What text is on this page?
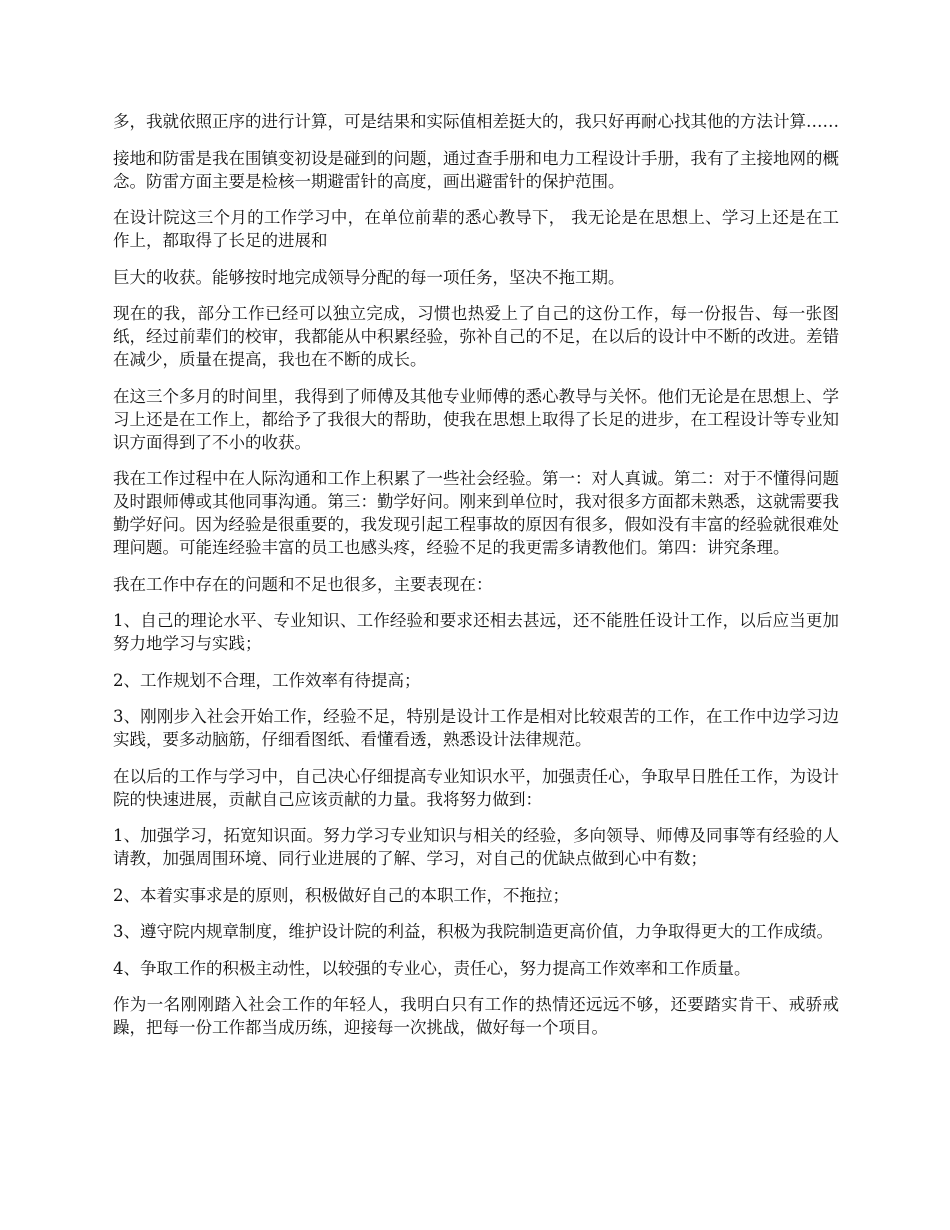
多，我就依照正序的进行计算，可是结果和实际值相差挺大的，我只好再耐心找其他的方法计算……

接地和防雷是我在围镇变初设是碰到的问题，通过查手册和电力工程设计手册，我有了主接地网的概念。防雷方面主要是检核一期避雷针的高度，画出避雷针的保护范围。

在设计院这三个月的工作学习中，在单位前辈的悉心教导下， 我无论是在思想上、学习上还是在工作上，都取得了长足的进展和

巨大的收获。能够按时地完成领导分配的每一项任务，坚决不拖工期。

现在的我，部分工作已经可以独立完成，习惯也热爱上了自己的这份工作，每一份报告、每一张图纸，经过前辈们的校审，我都能从中积累经验，弥补自己的不足，在以后的设计中不断的改进。差错在减少，质量在提高，我也在不断的成长。

在这三个多月的时间里，我得到了师傅及其他专业师傅的悉心教导与关怀。他们无论是在思想上、学习上还是在工作上，都给予了我很大的帮助，使我在思想上取得了长足的进步，在工程设计等专业知识方面得到了不小的收获。

我在工作过程中在人际沟通和工作上积累了一些社会经验。第一：对人真诚。第二：对于不懂得问题及时跟师傅或其他同事沟通。第三：勤学好问。刚来到单位时，我对很多方面都未熟悉，这就需要我勤学好问。因为经验是很重要的，我发现引起工程事故的原因有很多，假如没有丰富的经验就很难处理问题。可能连经验丰富的员工也感头疼，经验不足的我更需多请教他们。第四：讲究条理。

我在工作中存在的问题和不足也很多，主要表现在：

1、自己的理论水平、专业知识、工作经验和要求还相去甚远，还不能胜任设计工作，以后应当更加努力地学习与实践；

2、工作规划不合理，工作效率有待提高；

3、刚刚步入社会开始工作，经验不足，特别是设计工作是相对比较艰苦的工作，在工作中边学习边实践，要多动脑筋，仔细看图纸、看懂看透，熟悉设计法律规范。

在以后的工作与学习中，自己决心仔细提高专业知识水平，加强责任心，争取早日胜任工作，为设计院的快速进展，贡献自己应该贡献的力量。我将努力做到：

1、加强学习，拓宽知识面。努力学习专业知识与相关的经验，多向领导、师傅及同事等有经验的人请教，加强周围环境、同行业进展的了解、学习，对自己的优缺点做到心中有数；

2、本着实事求是的原则，积极做好自己的本职工作，不拖拉；

3、遵守院内规章制度，维护设计院的利益，积极为我院制造更高价值，力争取得更大的工作成绩。

4、争取工作的积极主动性，以较强的专业心，责任心，努力提高工作效率和工作质量。

作为一名刚刚踏入社会工作的年轻人，我明白只有工作的热情还远远不够，还要踏实肯干、戒骄戒躁，把每一份工作都当成历练，迎接每一次挑战，做好每一个项目。
